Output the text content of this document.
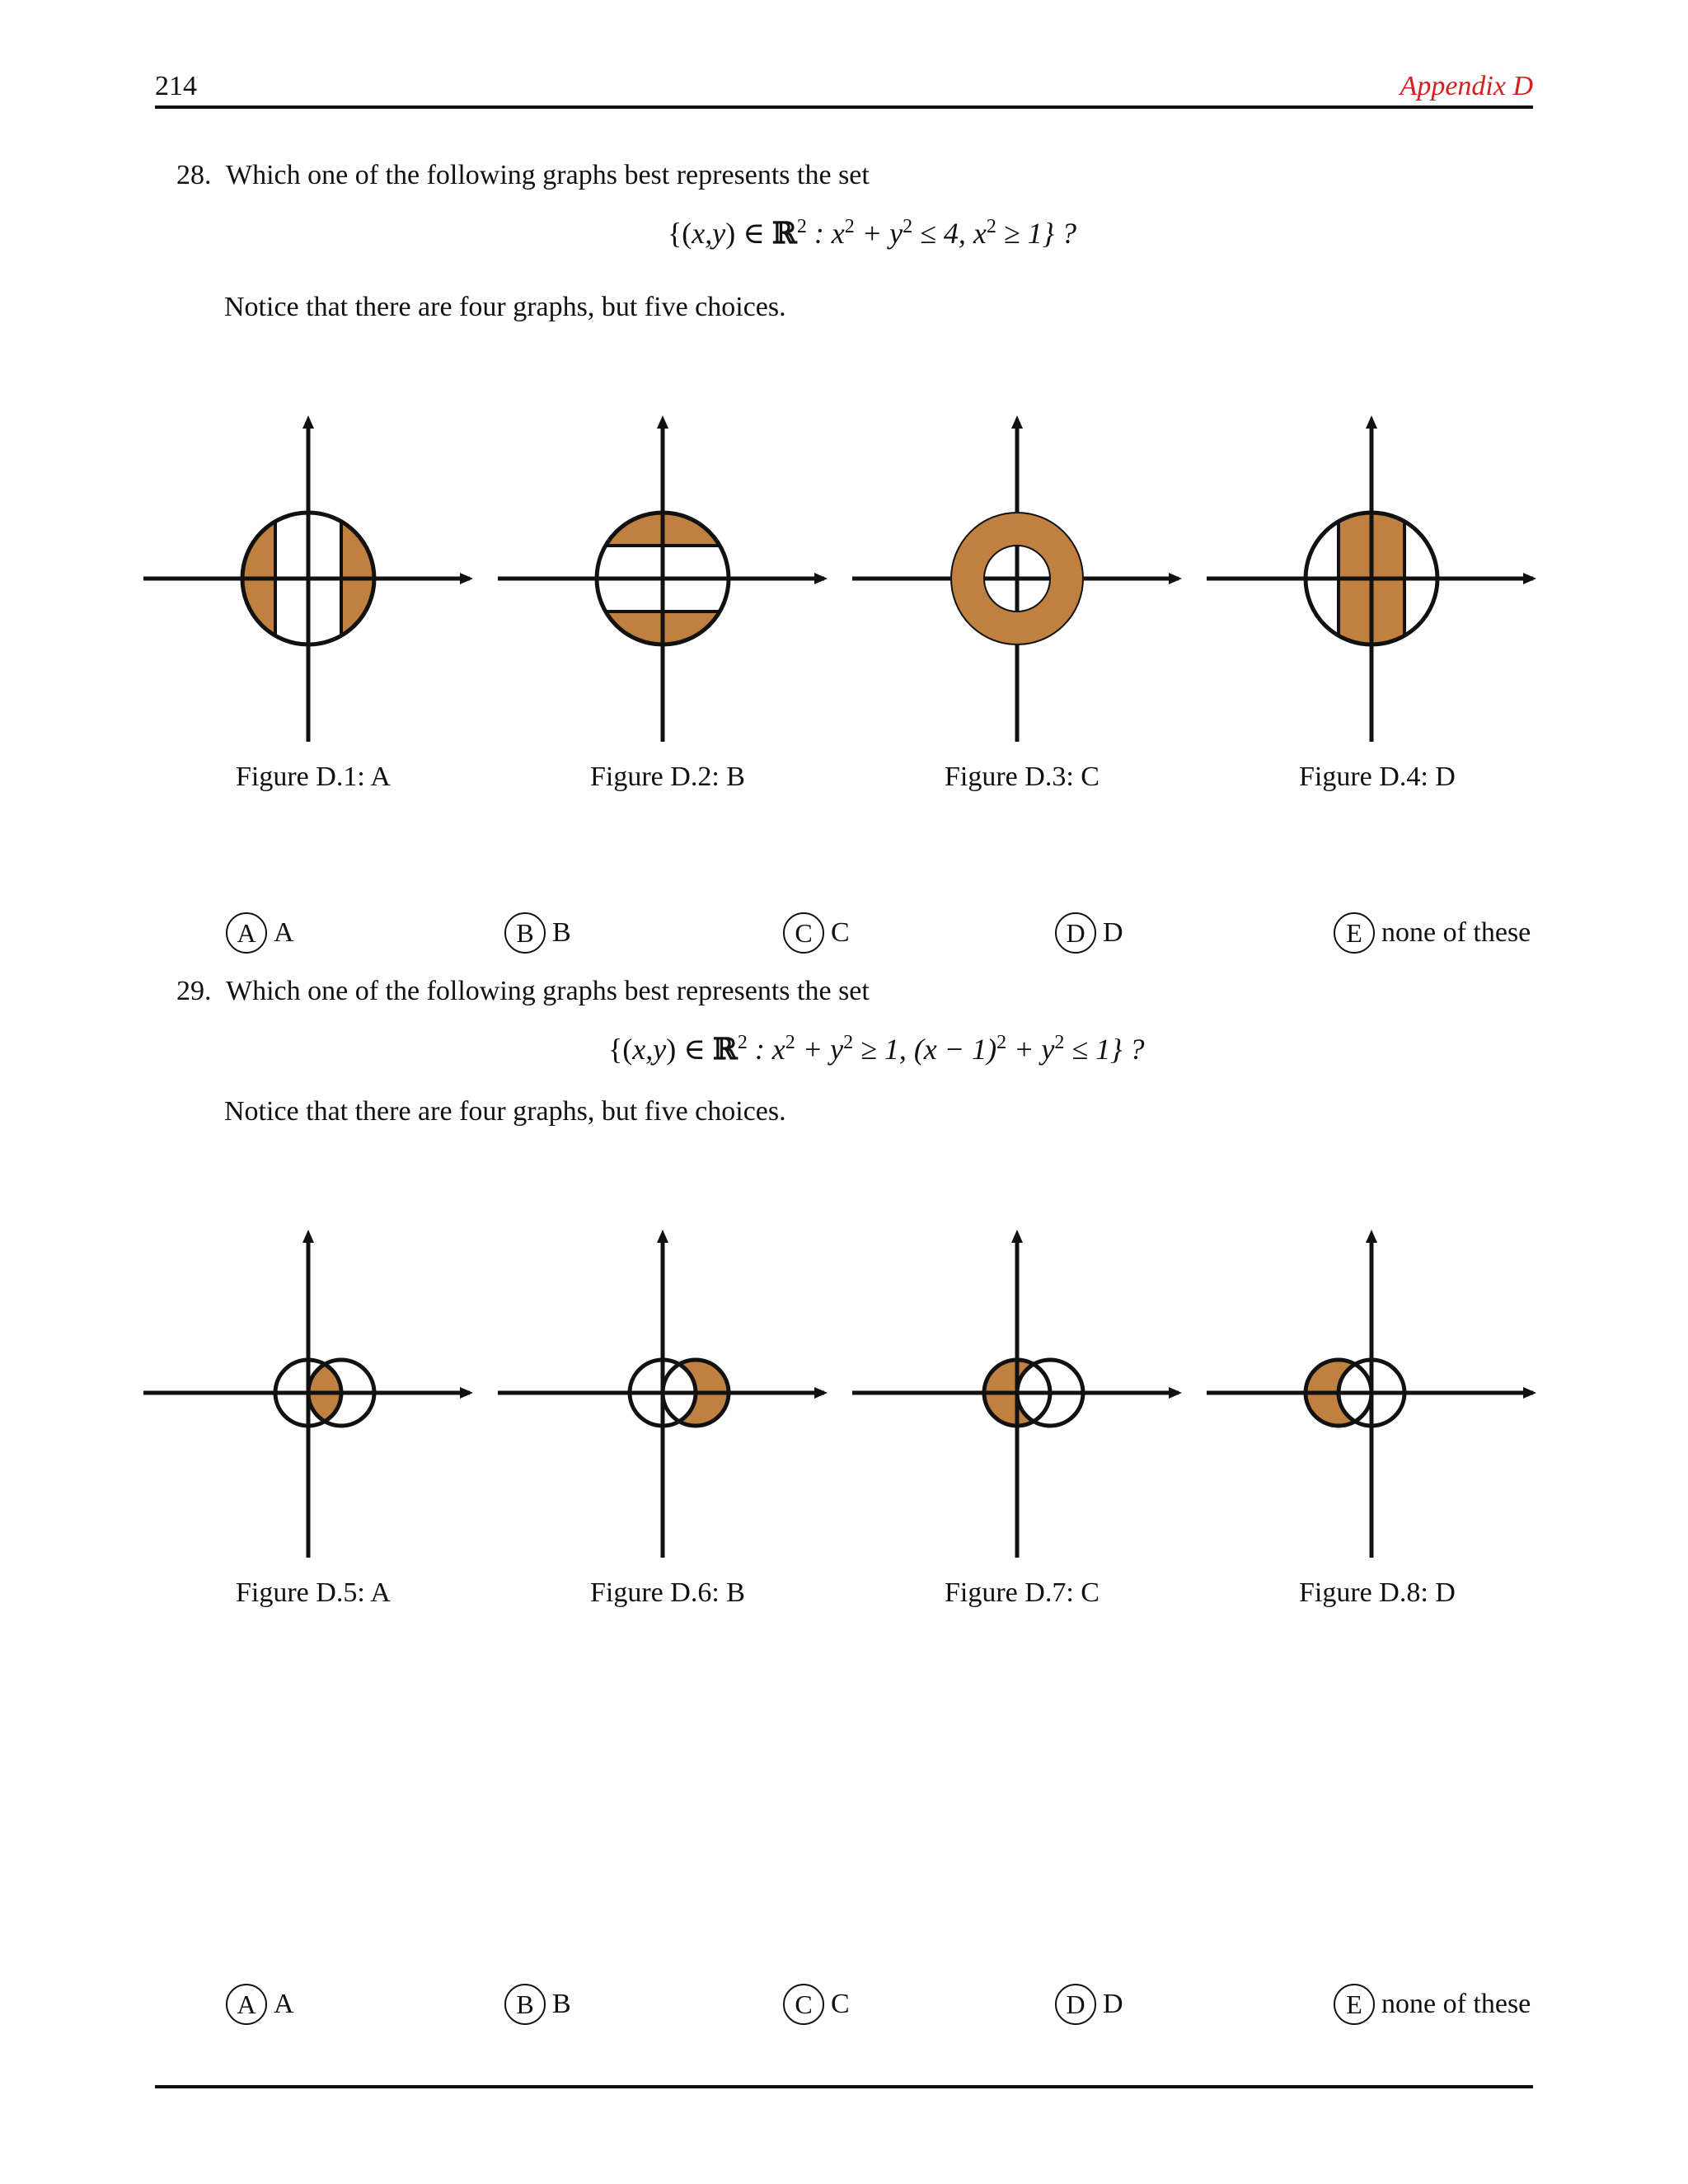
214	Appendix D
28. Which one of the following graphs best represents the set
{(x,y) ∈ ℝ$^2$ : $x^2 + y^2 \le 4$, $x^2 \ge 1$} ?
Notice that there are four graphs, but five choices.
Figure D.1: A	Figure D.2: B	Figure D.3: C	Figure D.4: D
A A	B B	C C	D D	E none of these
29. Which one of the following graphs best represents the set
{(x,y) ∈ ℝ$^2$ : $x^2 + y^2 \ge 1$, $(x - 1)^2 + y^2 \le 1$} ?
Notice that there are four graphs, but five choices.
Figure D.5: A	Figure D.6: B	Figure D.7: C	Figure D.8: D
A A	B B	C C	D D	E none of these
